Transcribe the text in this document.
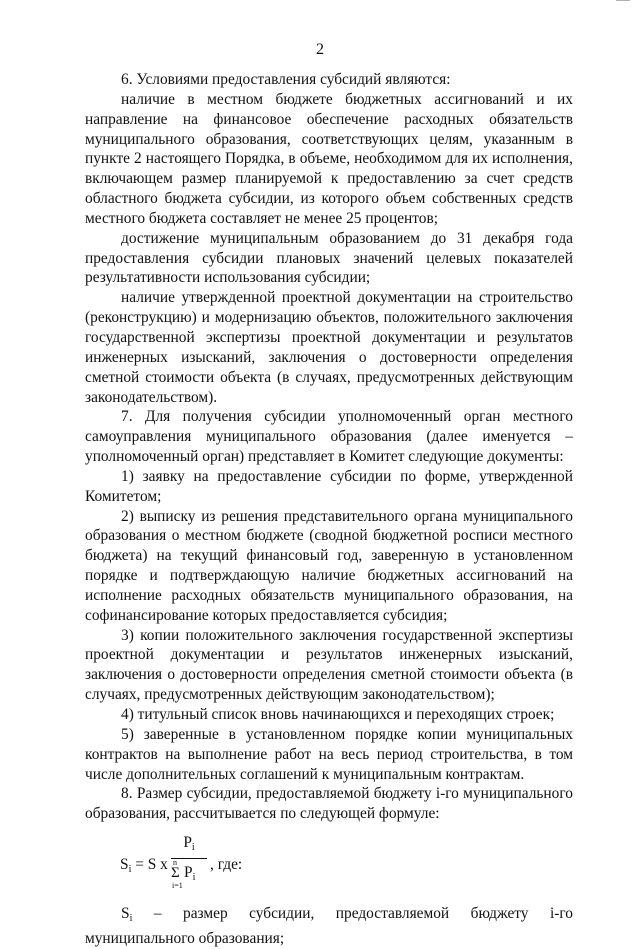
2

6. Условиями предоставления субсидий являются:

наличие в местном бюджете бюджетных ассигнований и их направление на финансовое обеспечение расходных обязательств муниципального образования, соответствующих целям, указанным в пункте 2 настоящего Порядка, в объеме, необходимом для их исполнения, включающем размер планируемой к предоставлению за счет средств областного бюджета субсидии, из которого объем собственных средств местного бюджета составляет не менее 25 процентов;

достижение муниципальным образованием до 31 декабря года предоставления субсидии плановых значений целевых показателей результативности использования субсидии;

наличие утвержденной проектной документации на строительство (реконструкцию) и модернизацию объектов, положительного заключения государственной экспертизы проектной документации и результатов инженерных изысканий, заключения о достоверности определения сметной стоимости объекта (в случаях, предусмотренных действующим законодательством).

7. Для получения субсидии уполномоченный орган местного самоуправления муниципального образования (далее именуется – уполномоченный орган) представляет в Комитет следующие документы:

1) заявку на предоставление субсидии по форме, утвержденной Комитетом;

2) выписку из решения представительного органа муниципального образования о местном бюджете (сводной бюджетной росписи местного бюджета) на текущий финансовый год, заверенную в установленном порядке и подтверждающую наличие бюджетных ассигнований на исполнение расходных обязательств муниципального образования, на софинансирование которых предоставляется субсидия;

3) копии положительного заключения государственной экспертизы проектной документации и результатов инженерных изысканий, заключения о достоверности определения сметной стоимости объекта (в случаях, предусмотренных действующим законодательством);

4) титульный список вновь начинающихся и переходящих строек;

5) заверенные в установленном порядке копии муниципальных контрактов на выполнение работ на весь период строительства, в том числе дополнительных соглашений к муниципальным контрактам.

8. Размер субсидии, предоставляемой бюджету i-го муниципального образования, рассчитывается по следующей формуле:

$S_i = S$ x
$P_i$
n
Σ $P_i$
i=1
, где:

$S_i$ – размер субсидии, предоставляемой бюджету i-го муниципального образования;
